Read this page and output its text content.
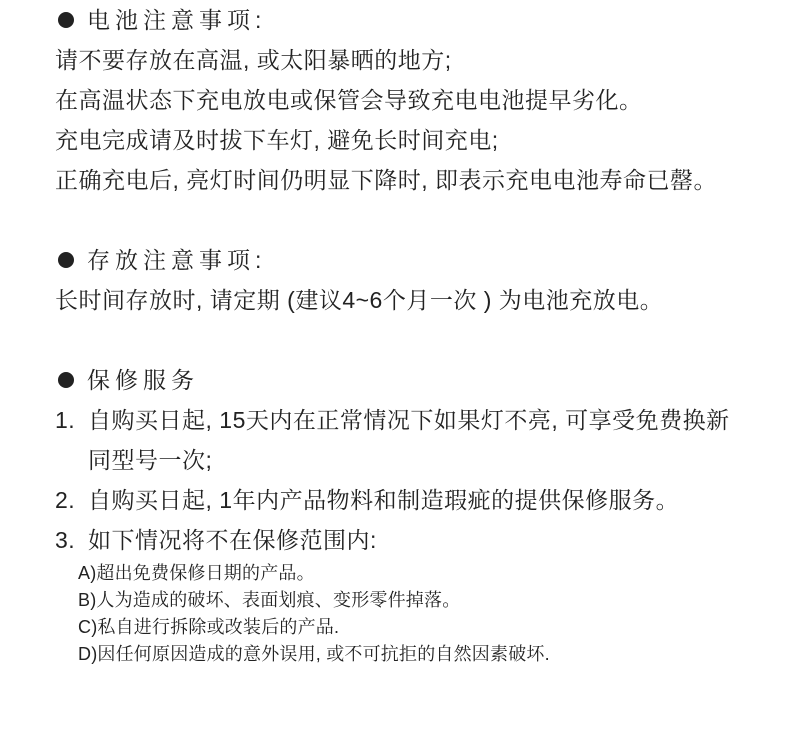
电池注意事项:

请不要存放在高温, 或太阳暴晒的地方;

在高温状态下充电放电或保管会导致充电电池提早劣化。

充电完成请及时拔下车灯, 避免长时间充电;

正确充电后, 亮灯时间仍明显下降时, 即表示充电电池寿命已罄。

存放注意事项:

长时间存放时, 请定期 (建议4~6个月一次 ) 为电池充放电。

保修服务
1. 自购买日起, 15天内在正常情况下如果灯不亮, 可享受免费换新

同型号一次;

2. 自购买日起, 1年内产品物料和制造瑕疵的提供保修服务。
3. 如下情况将不在保修范围内:

A)超出免费保修日期的产品。

B)人为造成的破坏、表面划痕、变形零件掉落。

C)私自进行拆除或改装后的产品.

D)因任何原因造成的意外误用, 或不可抗拒的自然因素破坏.
